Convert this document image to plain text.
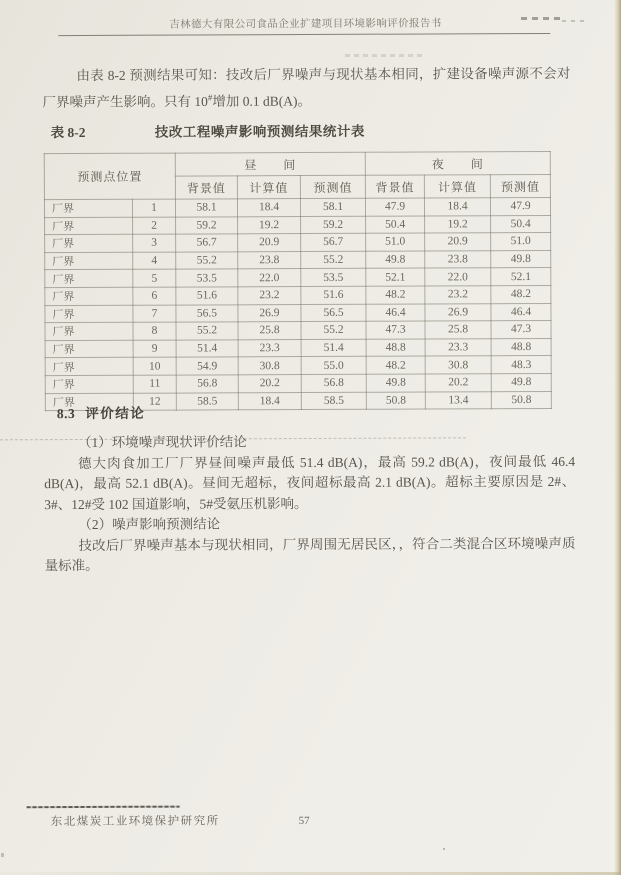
吉林德大有限公司食品企业扩建项目环境影响评价报告书

由表 8-2 预测结果可知：技改后厂界噪声与现状基本相同，扩建设备噪声源不会对厂界噪声产生影响。只有 10#增加 0.1 dB(A)。

表 8-2	技改工程噪声影响预测结果统计表
预测点位置		昼　　间			夜　　间		
		背景值	计算值	预测值	背景值	计算值	预测值
厂界	1	58.1	18.4	58.1	47.9	18.4	47.9
厂界	2	59.2	19.2	59.2	50.4	19.2	50.4
厂界	3	56.7	20.9	56.7	51.0	20.9	51.0
厂界	4	55.2	23.8	55.2	49.8	23.8	49.8
厂界	5	53.5	22.0	53.5	52.1	22.0	52.1
厂界	6	51.6	23.2	51.6	48.2	23.2	48.2
厂界	7	56.5	26.9	56.5	46.4	26.9	46.4
厂界	8	55.2	25.8	55.2	47.3	25.8	47.3
厂界	9	51.4	23.3	51.4	48.8	23.3	48.8
厂界	10	54.9	30.8	55.0	48.2	30.8	48.3
厂界	11	56.8	20.2	56.8	49.8	20.2	49.8
厂界	12	58.5	18.4	58.5	50.8	13.4	50.8
8.3 评价结论

（1）环境噪声现状评价结论

德大肉食加工厂厂界昼间噪声最低 51.4 dB(A)，最高 59.2 dB(A)，夜间最低 46.4 dB(A)，最高 52.1 dB(A)。昼间无超标，夜间超标最高 2.1 dB(A)。超标主要原因是 2#、3#、12#受 102 国道影响，5#受氨压机影响。

（2）噪声影响预测结论

技改后厂界噪声基本与现状相同，厂界周围无居民区，，符合二类混合区环境噪声质量标准。

东北煤炭工业环境保护研究所	57
